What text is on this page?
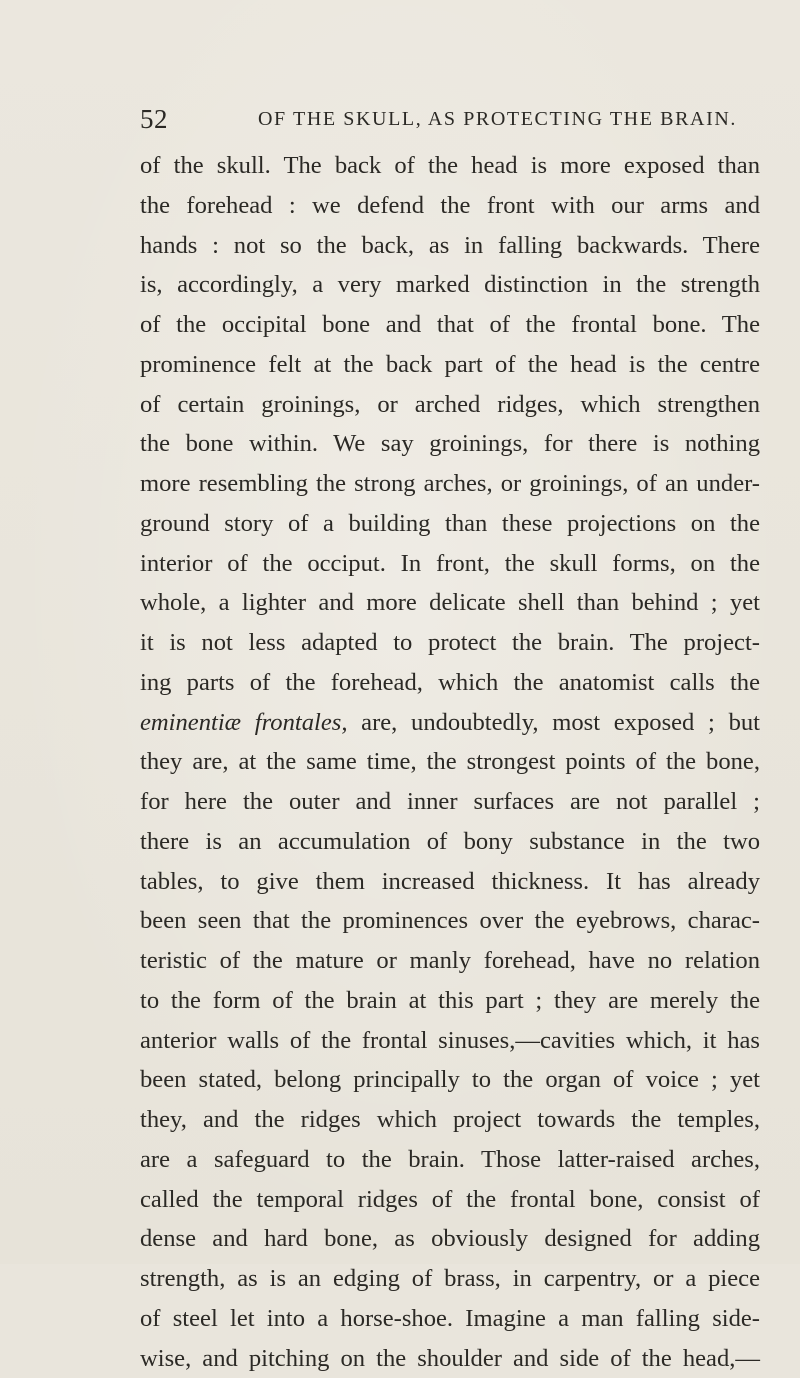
52	OF THE SKULL, AS PROTECTING THE BRAIN.
of the skull. The back of the head is more exposed than
the forehead : we defend the front with our arms and
hands : not so the back, as in falling backwards. There
is, accordingly, a very marked distinction in the strength
of the occipital bone and that of the frontal bone. The
prominence felt at the back part of the head is the centre
of certain groinings, or arched ridges, which strengthen
the bone within. We say groinings, for there is nothing
more resembling the strong arches, or groinings, of an under-
ground story of a building than these projections on the
interior of the occiput. In front, the skull forms, on the
whole, a lighter and more delicate shell than behind ; yet
it is not less adapted to protect the brain. The project-
ing parts of the forehead, which the anatomist calls the
eminentiæ frontales, are, undoubtedly, most exposed ; but
they are, at the same time, the strongest points of the bone,
for here the outer and inner surfaces are not parallel ;
there is an accumulation of bony substance in the two
tables, to give them increased thickness. It has already
been seen that the prominences over the eyebrows, charac-
teristic of the mature or manly forehead, have no relation
to the form of the brain at this part ; they are merely the
anterior walls of the frontal sinuses,—cavities which, it has
been stated, belong principally to the organ of voice ; yet
they, and the ridges which project towards the temples,
are a safeguard to the brain. Those latter-raised arches,
called the temporal ridges of the frontal bone, consist of
dense and hard bone, as obviously designed for adding
strength, as is an edging of brass, in carpentry, or a piece
of steel let into a horse-shoe. Imagine a man falling side-
wise, and pitching on the shoulder and side of the head,—
